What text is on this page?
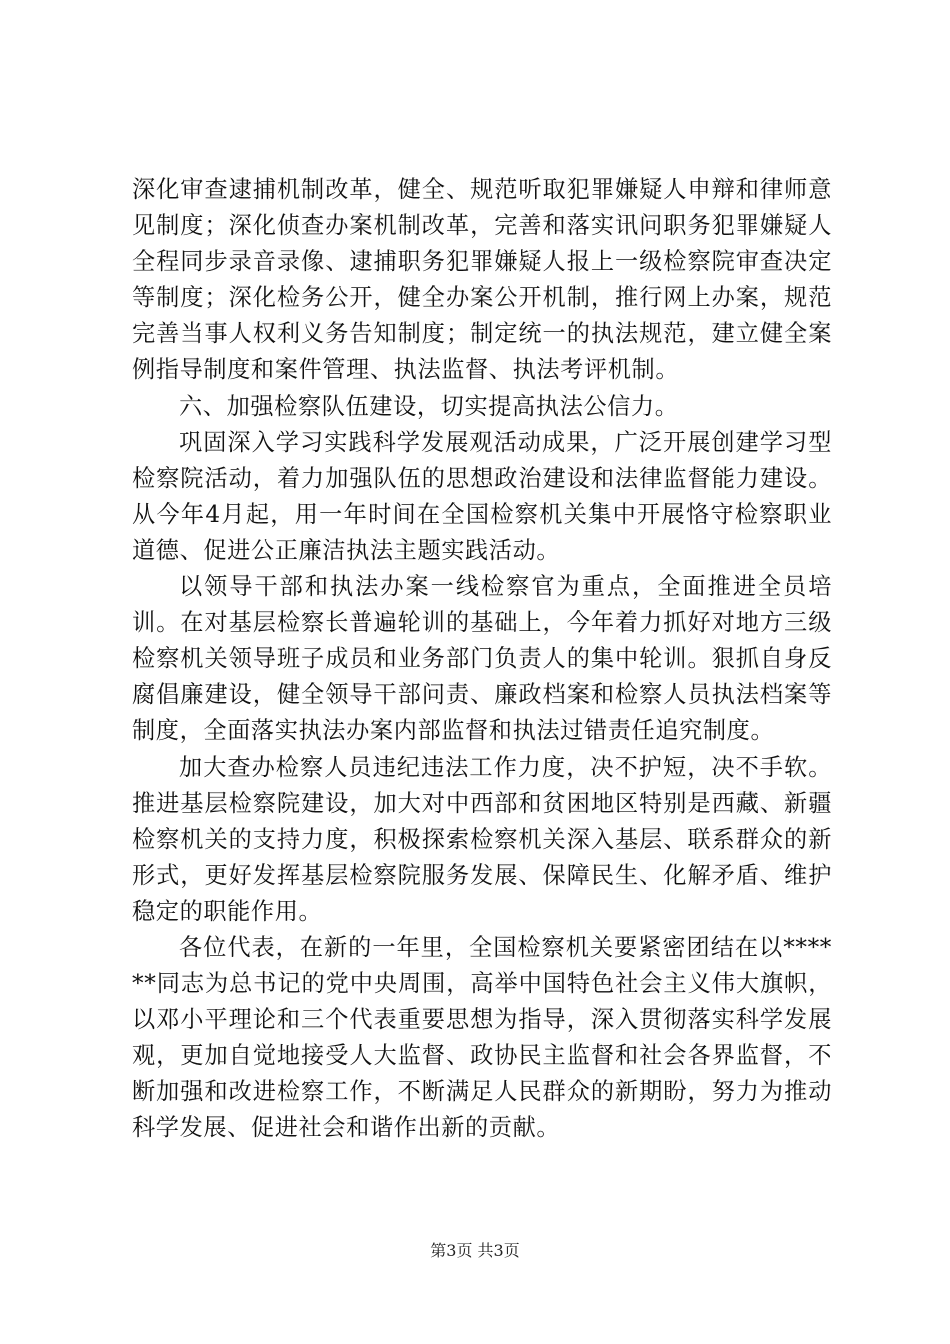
深化审查逮捕机制改革，健全、规范听取犯罪嫌疑人申辩和律师意见制度；深化侦查办案机制改革，完善和落实讯问职务犯罪嫌疑人全程同步录音录像、逮捕职务犯罪嫌疑人报上一级检察院审查决定等制度；深化检务公开，健全办案公开机制，推行网上办案，规范完善当事人权利义务告知制度；制定统一的执法规范，建立健全案例指导制度和案件管理、执法监督、执法考评机制。

六、加强检察队伍建设，切实提高执法公信力。

巩固深入学习实践科学发展观活动成果，广泛开展创建学习型检察院活动，着力加强队伍的思想政治建设和法律监督能力建设。从今年4月起，用一年时间在全国检察机关集中开展恪守检察职业道德、促进公正廉洁执法主题实践活动。

以领导干部和执法办案一线检察官为重点，全面推进全员培训。在对基层检察长普遍轮训的基础上，今年着力抓好对地方三级检察机关领导班子成员和业务部门负责人的集中轮训。狠抓自身反腐倡廉建设，健全领导干部问责、廉政档案和检察人员执法档案等制度，全面落实执法办案内部监督和执法过错责任追究制度。

加大查办检察人员违纪违法工作力度，决不护短，决不手软。推进基层检察院建设，加大对中西部和贫困地区特别是西藏、新疆检察机关的支持力度，积极探索检察机关深入基层、联系群众的新形式，更好发挥基层检察院服务发展、保障民生、化解矛盾、维护稳定的职能作用。

各位代表，在新的一年里，全国检察机关要紧密团结在以******同志为总书记的党中央周围，高举中国特色社会主义伟大旗帜，以邓小平理论和三个代表重要思想为指导，深入贯彻落实科学发展观，更加自觉地接受人大监督、政协民主监督和社会各界监督，不断加强和改进检察工作，不断满足人民群众的新期盼，努力为推动科学发展、促进社会和谐作出新的贡献。

第3页 共3页
